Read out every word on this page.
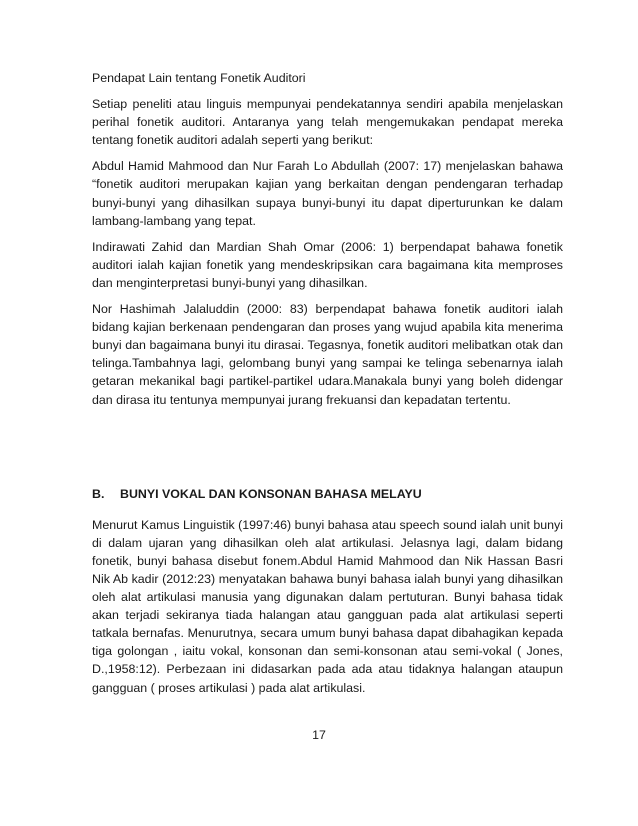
Pendapat Lain tentang Fonetik Auditori

Setiap peneliti atau linguis mempunyai pendekatannya sendiri apabila menjelaskan perihal fonetik auditori. Antaranya yang telah mengemukakan pendapat mereka tentang fonetik auditori adalah seperti yang berikut:

Abdul Hamid Mahmood dan Nur Farah Lo Abdullah (2007: 17) menjelaskan bahawa “fonetik auditori merupakan kajian yang berkaitan dengan pendengaran terhadap bunyi-bunyi yang dihasilkan supaya bunyi-bunyi itu dapat diperturunkan ke dalam lambang-lambang yang tepat.

Indirawati Zahid dan Mardian Shah Omar (2006: 1) berpendapat bahawa fonetik auditori ialah kajian fonetik yang mendeskripsikan cara bagaimana kita memproses dan menginterpretasi bunyi-bunyi yang dihasilkan.

Nor Hashimah Jalaluddin (2000: 83) berpendapat bahawa fonetik auditori ialah bidang kajian berkenaan pendengaran dan proses yang wujud apabila kita menerima bunyi dan bagaimana bunyi itu dirasai. Tegasnya, fonetik auditori melibatkan otak dan telinga.Tambahnya lagi, gelombang bunyi yang sampai ke telinga sebenarnya ialah getaran mekanikal bagi partikel-partikel udara.Manakala bunyi yang boleh didengar dan dirasa itu tentunya mempunyai jurang frekuansi dan kepadatan tertentu.

B.	BUNYI VOKAL DAN KONSONAN BAHASA MELAYU

Menurut Kamus Linguistik (1997:46) bunyi bahasa atau speech sound ialah unit bunyi di dalam ujaran yang dihasilkan oleh alat artikulasi. Jelasnya lagi, dalam bidang fonetik, bunyi bahasa disebut fonem.Abdul Hamid Mahmood dan Nik Hassan Basri Nik Ab kadir (2012:23) menyatakan bahawa bunyi bahasa ialah bunyi yang dihasilkan oleh alat artikulasi manusia yang digunakan dalam pertuturan. Bunyi bahasa tidak akan terjadi sekiranya tiada halangan atau gangguan pada alat artikulasi seperti tatkala bernafas. Menurutnya, secara umum bunyi bahasa dapat dibahagikan kepada tiga golongan , iaitu vokal, konsonan dan semi-konsonan atau semi-vokal ( Jones, D.,1958:12). Perbezaan ini didasarkan pada ada atau tidaknya halangan ataupun gangguan ( proses artikulasi ) pada alat artikulasi.

17
